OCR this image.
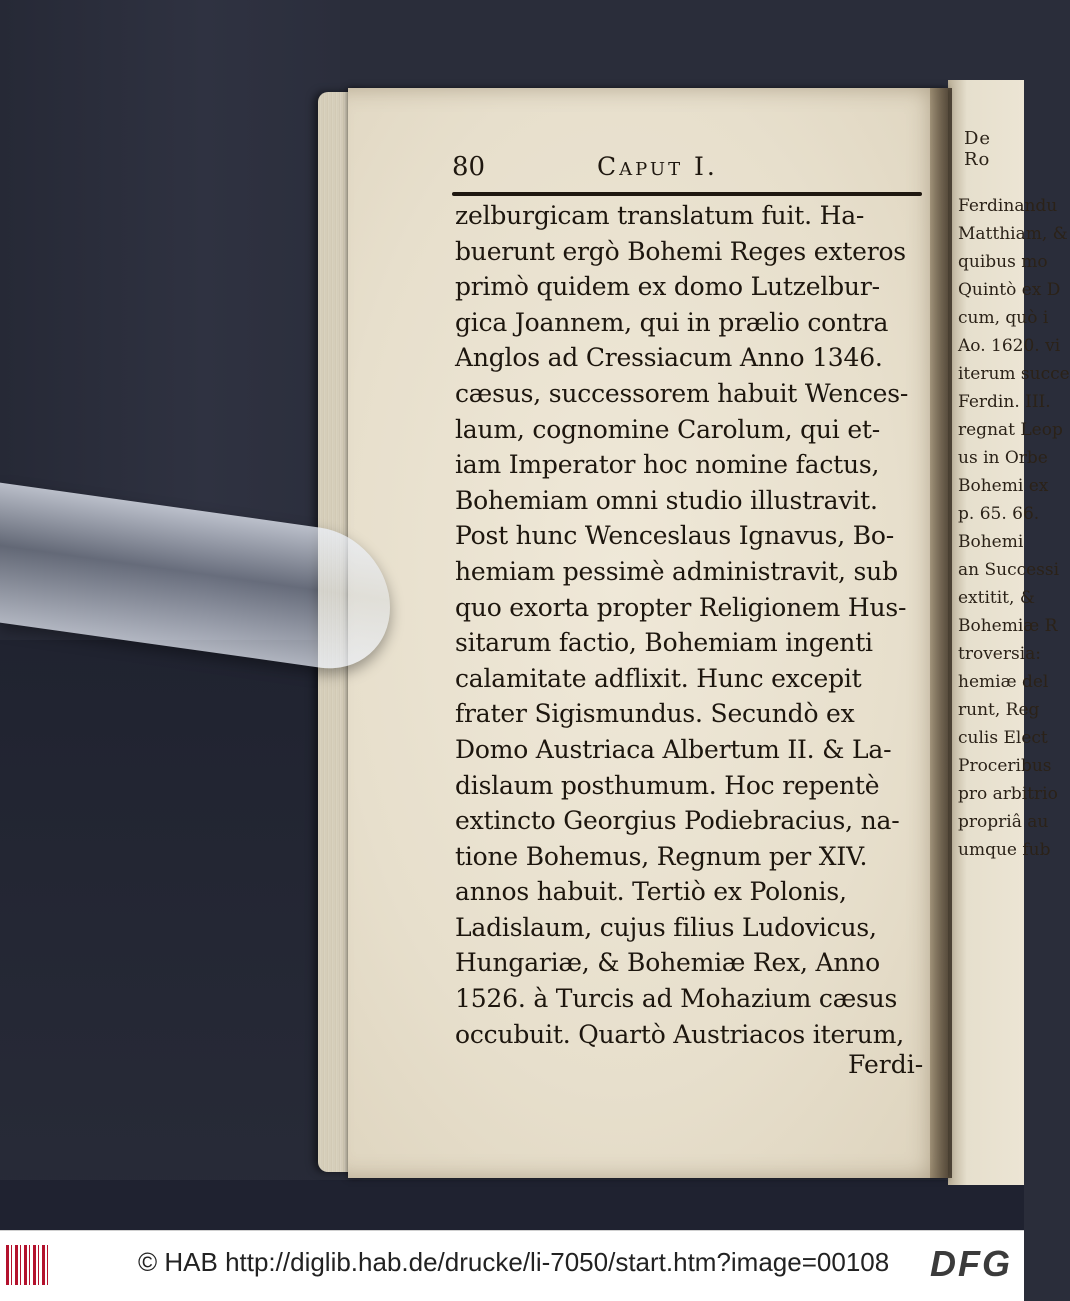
De Ro
Ferdinandu
Matthiam, &
quibus mo
Quintò ex D
cum, quò i
Ao. 1620. vi
iterum succe
Ferdin. III.
regnat Leop
us in Orbe
Bohemi ex
p. 65. 66.
Bohemi
an Successi
extitit, &
Bohemiæ R
troversia:
hemiæ del
runt, Reg
culis Elect
Proceribus
pro arbitrio
propriâ au
umque fub
80	Caput I.
zelburgicam translatum fuit. Ha-
buerunt ergò Bohemi Reges exteros
primò quidem ex domo Lutzelbur-
gica Joannem, qui in prælio contra
Anglos ad Cressiacum Anno 1346.
cæsus, successorem habuit Wences-
laum, cognomine Carolum, qui et-
iam Imperator hoc nomine factus,
Bohemiam omni studio illustravit.
Post hunc Wenceslaus Ignavus, Bo-
hemiam pessimè administravit, sub
quo exorta propter Religionem Hus-
sitarum factio, Bohemiam ingenti
calamitate adflixit. Hunc excepit
frater Sigismundus. Secundò ex
Domo Austriaca Albertum II. & La-
dislaum posthumum. Hoc repentè
extincto Georgius Podiebracius, na-
tione Bohemus, Regnum per XIV.
annos habuit. Tertiò ex Polonis,
Ladislaum, cujus filius Ludovicus,
Hungariæ, & Bohemiæ Rex, Anno
1526. à Turcis ad Mohazium cæsus
occubuit. Quartò Austriacos iterum,
Ferdi-
© HAB http://diglib.hab.de/drucke/li-7050/start.htm?image=00108 DFG
